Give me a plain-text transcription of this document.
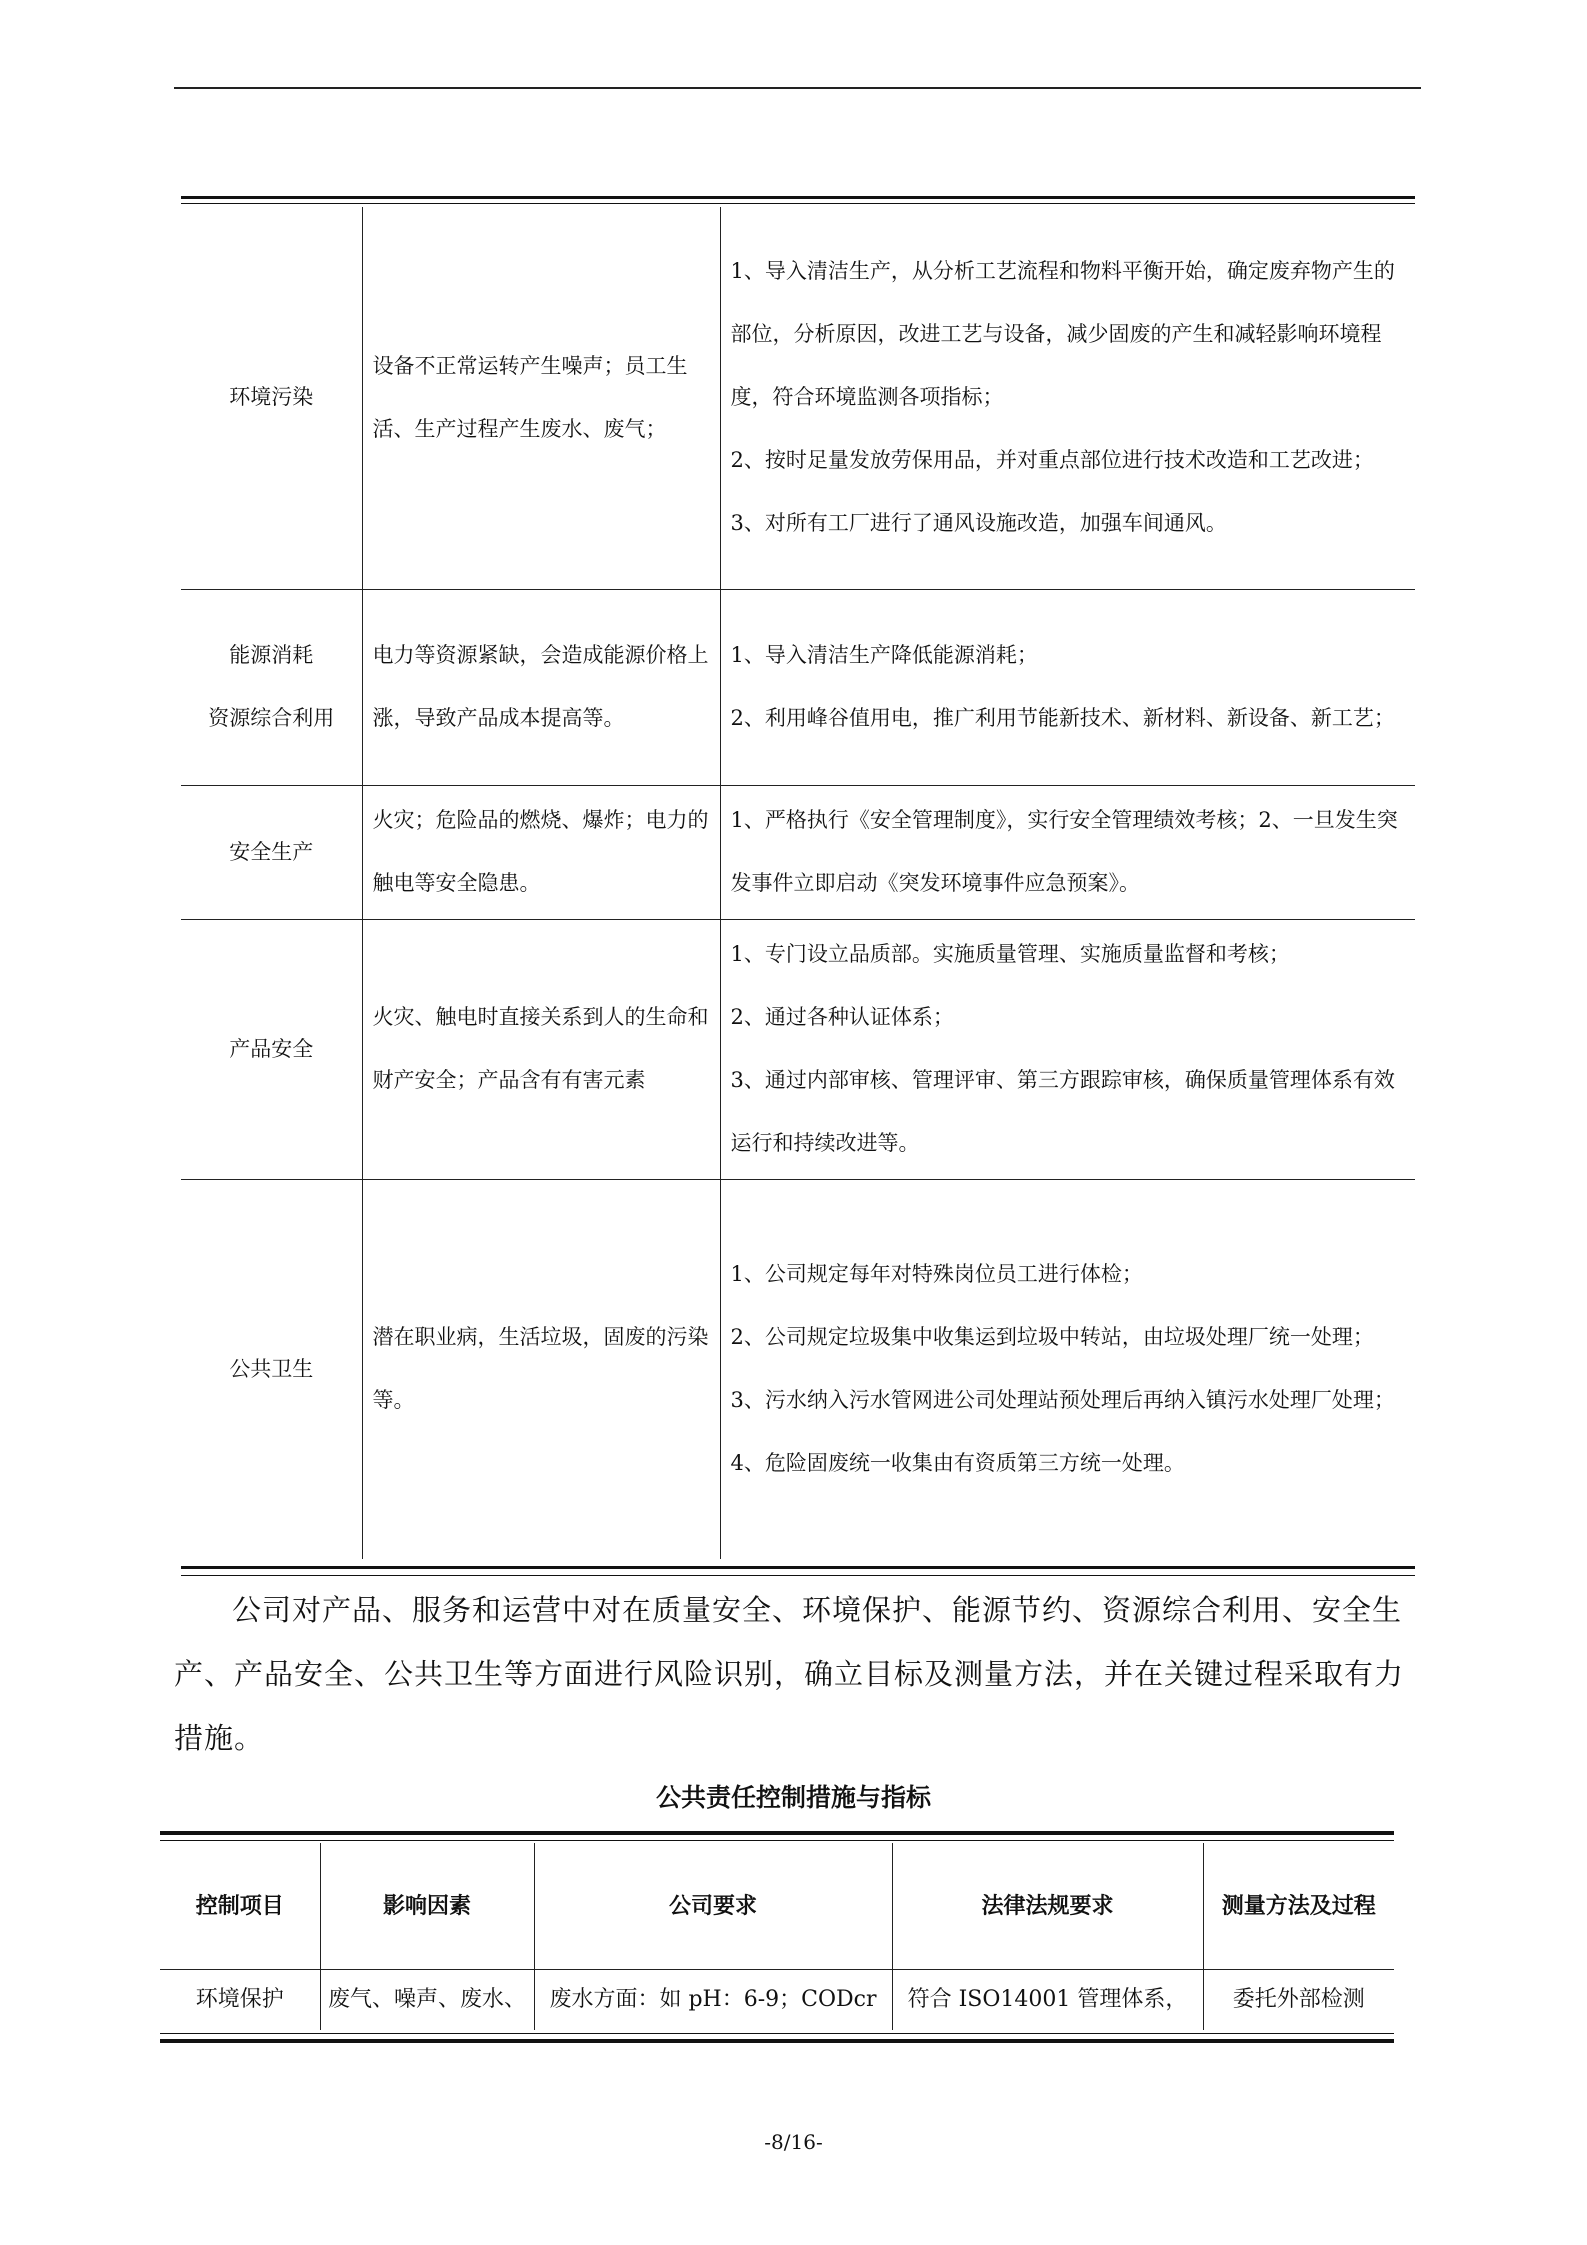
环境污染	设备不正常运转产生噪声；员工生活、生产过程产生废水、废气；	1、导入清洁生产，从分析工艺流程和物料平衡开始，确定废弃物产生的部位，分析原因，改进工艺与设备，减少固废的产生和减轻影响环境程度，符合环境监测各项指标；
2、按时足量发放劳保用品，并对重点部位进行技术改造和工艺改进；
3、对所有工厂进行了通风设施改造，加强车间通风。
能源消耗
资源综合利用	电力等资源紧缺，会造成能源价格上涨，导致产品成本提高等。	1、导入清洁生产降低能源消耗；
2、利用峰谷值用电，推广利用节能新技术、新材料、新设备、新工艺；
安全生产	火灾；危险品的燃烧、爆炸；电力的触电等安全隐患。	1、严格执行《安全管理制度》，实行安全管理绩效考核；2、一旦发生突发事件立即启动《突发环境事件应急预案》。
产品安全	火灾、触电时直接关系到人的生命和财产安全；产品含有有害元素	1、专门设立品质部。实施质量管理、实施质量监督和考核；
2、通过各种认证体系；
3、通过内部审核、管理评审、第三方跟踪审核，确保质量管理体系有效运行和持续改进等。
公共卫生	潜在职业病，生活垃圾，固废的污染等。	1、公司规定每年对特殊岗位员工进行体检；
2、公司规定垃圾集中收集运到垃圾中转站，由垃圾处理厂统一处理；
3、污水纳入污水管网进公司处理站预处理后再纳入镇污水处理厂处理；
4、危险固废统一收集由有资质第三方统一处理。
公司对产品、服务和运营中对在质量安全、环境保护、能源节约、资源综合利用、安全生产、产品安全、公共卫生等方面进行风险识别，确立目标及测量方法，并在关键过程采取有力措施。
公共责任控制措施与指标
控制项目	影响因素	公司要求	法律法规要求	测量方法及过程
环境保护	废气、噪声、废水、	废水方面：如 pH：6-9；CODcr	符合 ISO14001 管理体系，	委托外部检测
-8/16-
